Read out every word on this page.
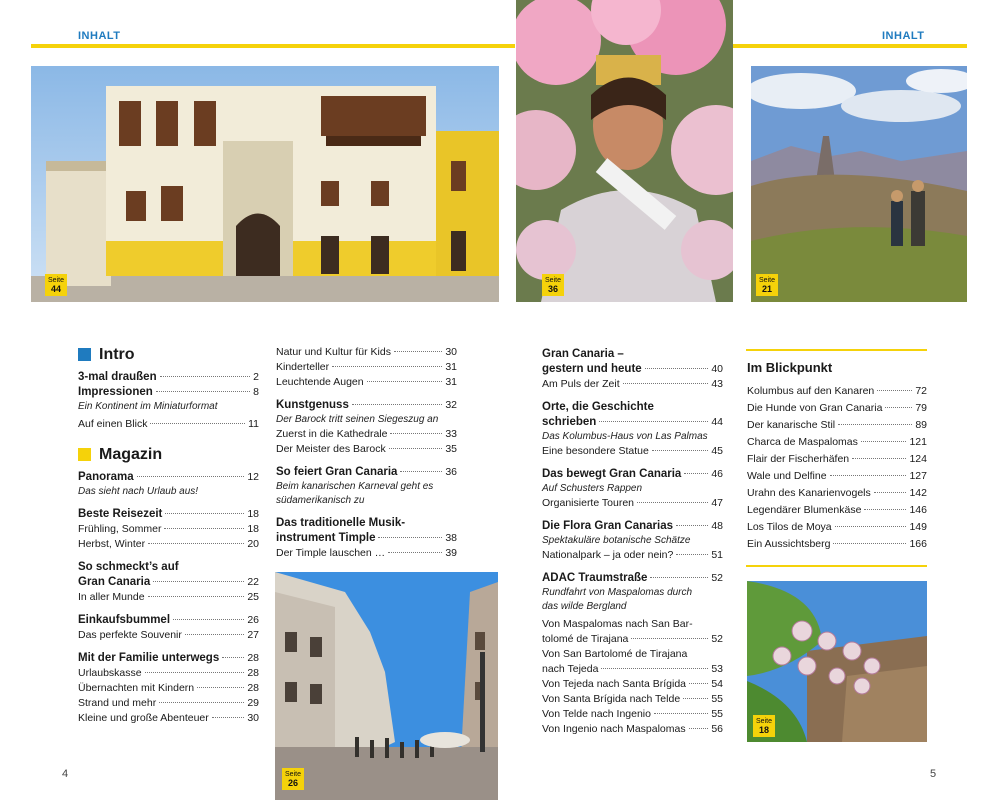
INHALT	INHALT
Seite
44
Seite
36
Seite
21
Intro
3-mal draußen	2
Impressionen	8
Ein Kontinent im Miniaturformat
Auf einen Blick	11
Magazin
Panorama	12
Das sieht nach Urlaub aus!
Beste Reisezeit	18
Frühling, Sommer	18
Herbst, Winter	20
So schmeckt’s auf
Gran Canaria	22
In aller Munde	25
Einkaufsbummel	26
Das perfekte Souvenir	27
Mit der Familie unterwegs	28
Urlaubskasse	28
Übernachten mit Kindern	28
Strand und mehr	29
Kleine und große Abenteuer	30
Natur und Kultur für Kids	30
Kinderteller	31
Leuchtende Augen	31
Kunstgenuss	32
Der Barock tritt seinen Siegeszug an
Zuerst in die Kathedrale	33
Der Meister des Barock	35
So feiert Gran Canaria	36
Beim kanarischen Karneval geht es
südamerikanisch zu
Das traditionelle Musik-
instrument Timple	38
Der Timple lauschen …	39
Seite
26
Gran Canaria –
gestern und heute	40
Am Puls der Zeit	43
Orte, die Geschichte
schrieben	44
Das Kolumbus-Haus von Las Palmas
Eine besondere Statue	45
Das bewegt Gran Canaria	46
Auf Schusters Rappen
Organisierte Touren	47
Die Flora Gran Canarias	48
Spektakuläre botanische Schätze
Nationalpark – ja oder nein?	51
ADAC Traumstraße	52
Rundfahrt von Maspalomas durch
das wilde Bergland
Von Maspalomas nach San Bar-
tolomé de Tirajana	52
Von San Bartolomé de Tirajana
nach Tejeda	53
Von Tejeda nach Santa Brígida 54
Von Santa Brígida nach Telde	55
Von Telde nach Ingenio	55
Von Ingenio nach Maspalomas 56
Im Blickpunkt
Kolumbus auf den Kanaren	72
Die Hunde von Gran Canaria	79
Der kanarische Stil	89
Charca de Maspalomas	121
Flair der Fischerhäfen	124
Wale und Delfine	127
Urahn des Kanarienvogels	142
Legendärer Blumenkäse	146
Los Tilos de Moya	149
Ein Aussichtsberg	166
Seite
18
4	5
